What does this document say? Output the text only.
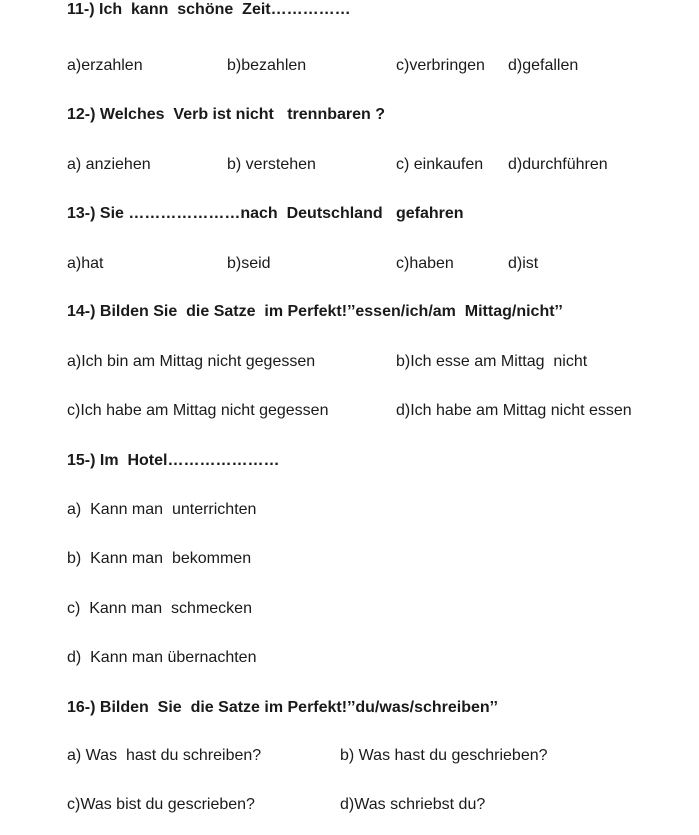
11-) Ich  kann  schöne  Zeit……………
a)erzahlen	b)bezahlen	c)verbringen d)gefallen
12-) Welches  Verb ist nicht   trennbaren ?
a) anziehen	b) verstehen	c) einkaufen d)durchführen
13-) Sie …………………nach  Deutschland   gefahren
a)hat	b)seid	c)haben	d)ist
14-) Bilden Sie  die Satze  im Perfekt!’’essen/ich/am  Mittag/nicht’’
a)Ich bin am Mittag nicht gegessen	b)Ich esse am Mittag  nicht
c)Ich habe am Mittag nicht gegessen	d)Ich habe am Mittag nicht essen
15-) Im  Hotel…………………
a)  Kann man  unterrichten
b)  Kann man  bekommen
c)  Kann man  schmecken
d)  Kann man übernachten
16-) Bilden  Sie  die Satze im Perfekt!’’du/was/schreiben’’
a) Was  hast du schreiben?	b) Was hast du geschrieben?
c)Was bist du gescrieben?	d)Was schriebst du?
